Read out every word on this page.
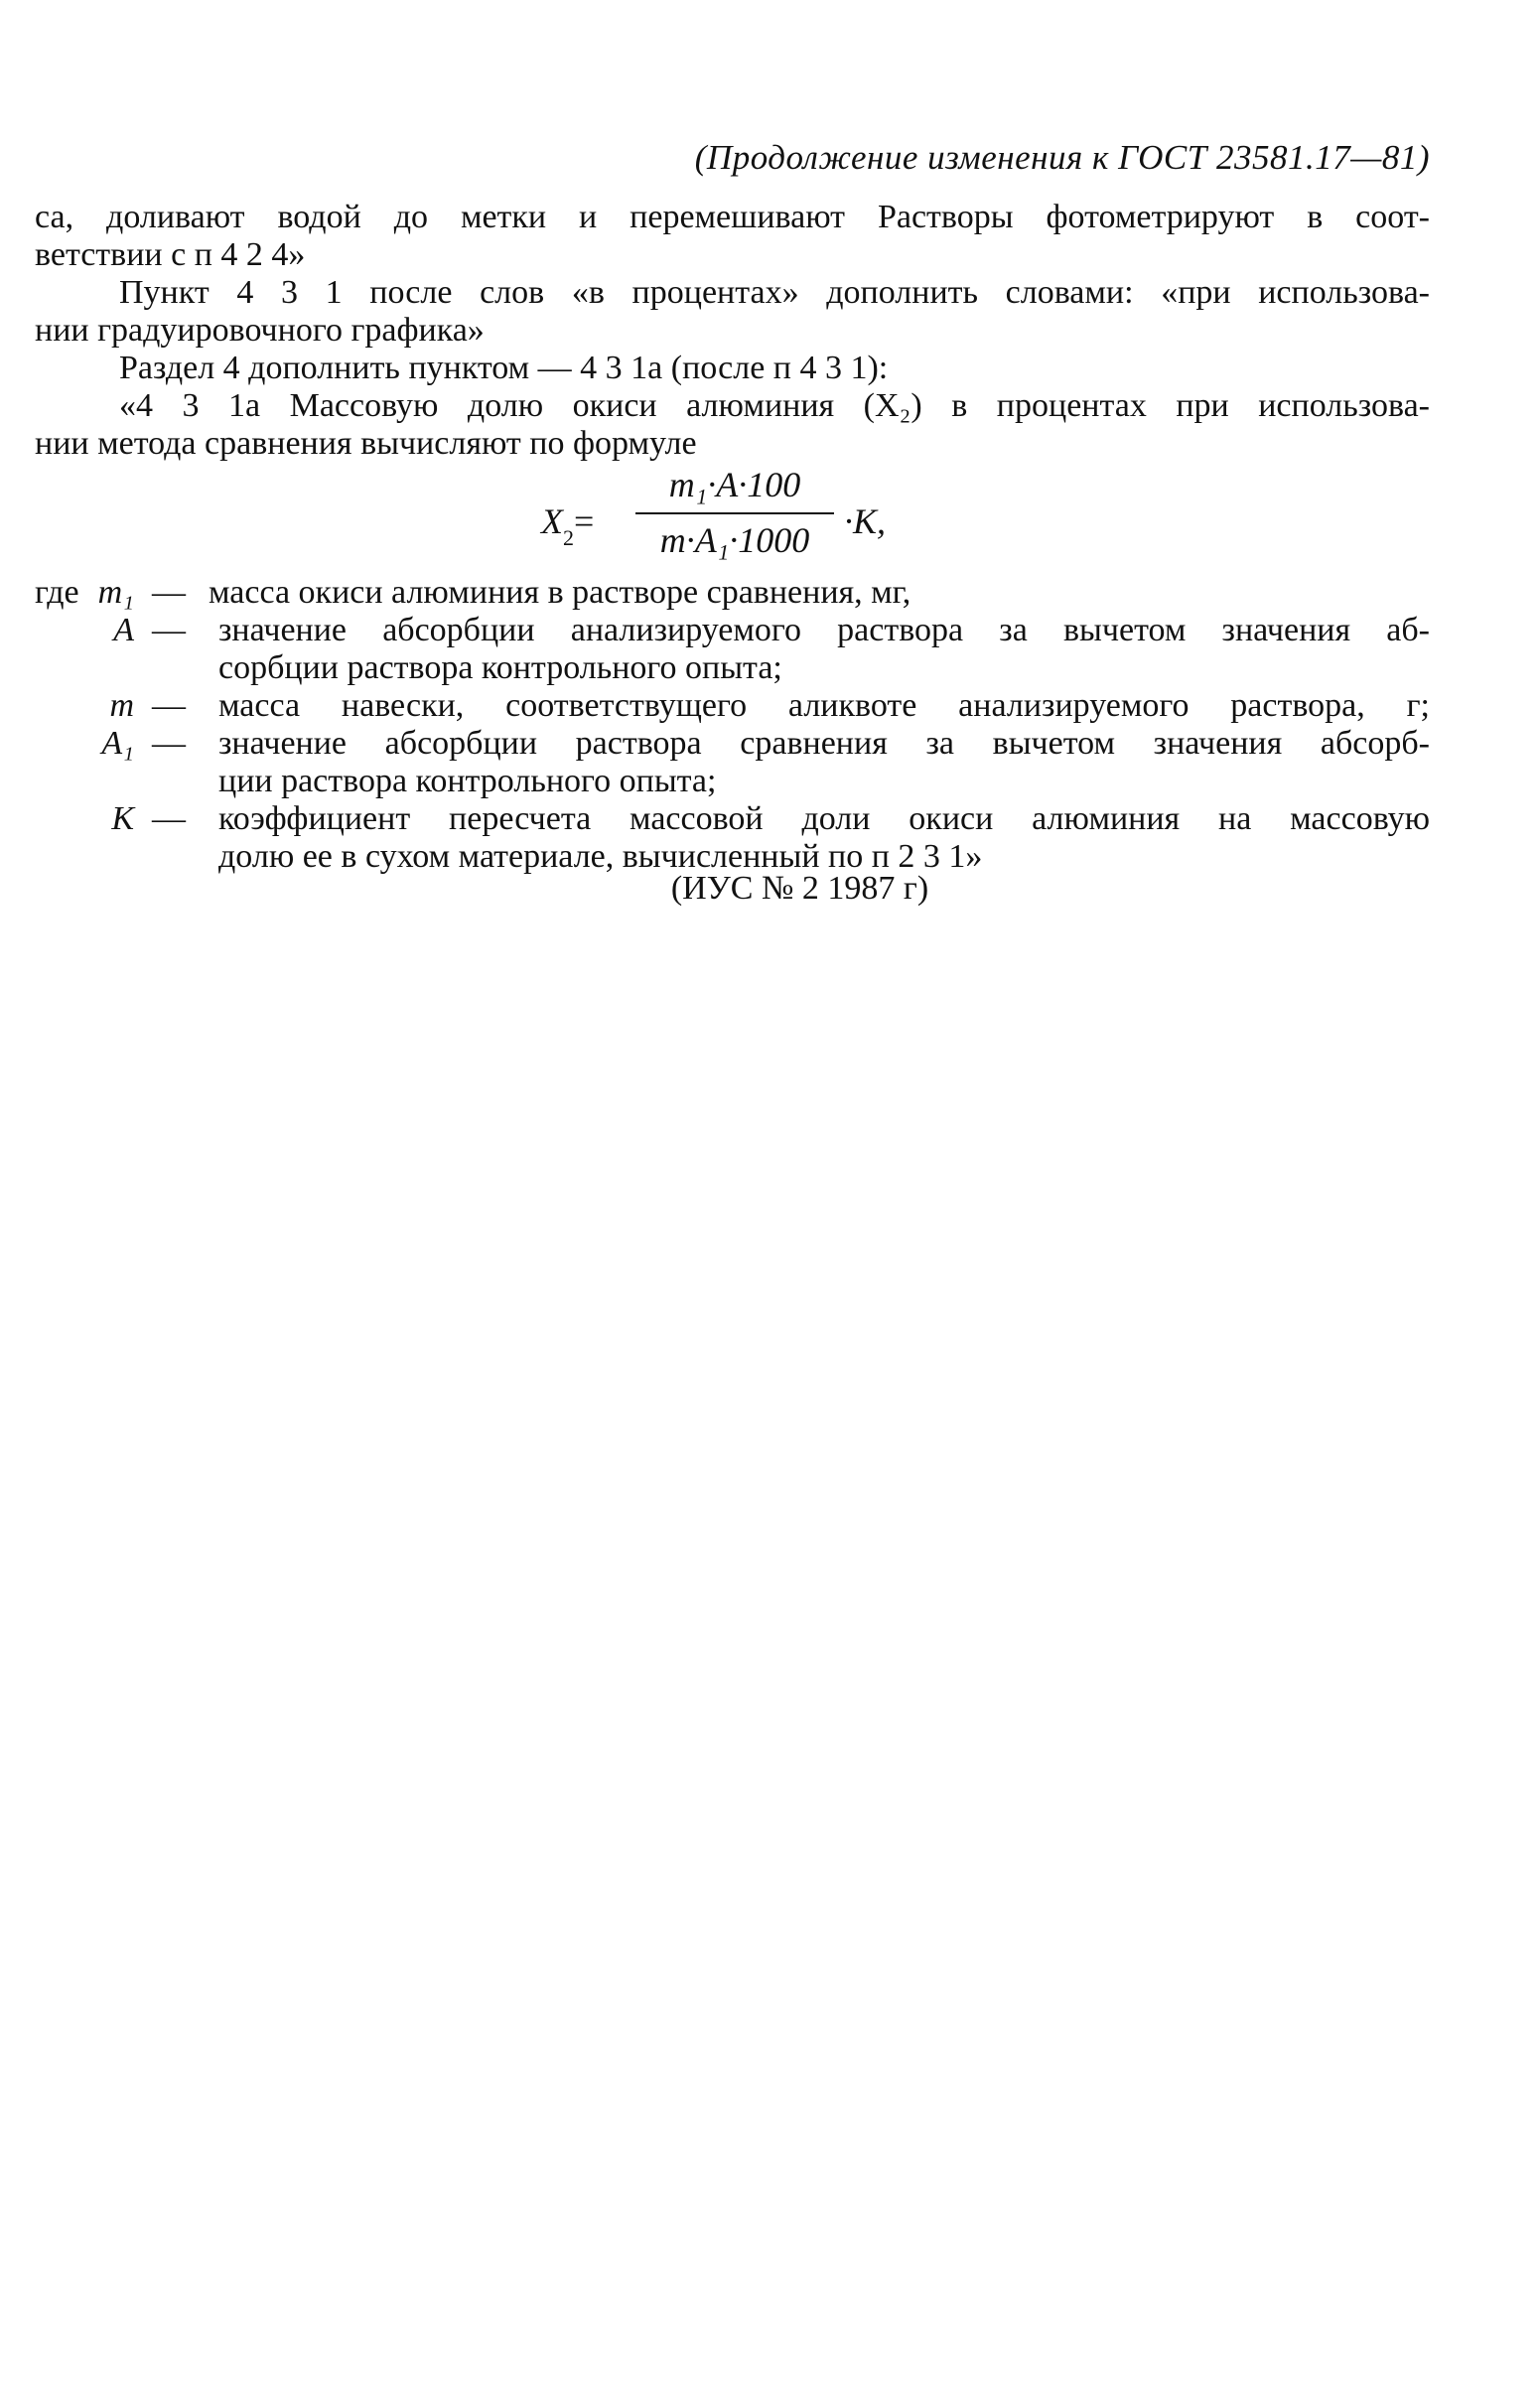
(Продолжение изменения к ГОСТ 23581.17—81)
са, доливают водой до метки и перемешивают Растворы фотометрируют в соот-
ветствии с п 4 2 4»
Пункт 4 3 1 после слов «в процентах» дополнить словами: «при использова-
нии градуировочного графика»
Раздел 4 дополнить пунктом — 4 3 1а (после п 4 3 1):
«4 3 1а Массовую долю окиси алюминия (X₂) в процентах при использова-
нии метода сравнения вычисляют по формуле
$X_2=$
m₁·A·100
m·A₁·1000 ·K,
где m₁ — масса окиси алюминия в растворе сравнения, мг,
A — значение абсорбции анализируемого раствора за вычетом значения аб-
сорбции раствора контрольного опыта;
m — масса навески, соответствущего аликвоте анализируемого раствора, г;
A₁ — значение абсорбции раствора сравнения за вычетом значения абсорб-
ции раствора контрольного опыта;
K — коэффициент пересчета массовой доли окиси алюминия на массовую
долю ее в сухом материале, вычисленный по п 2 3 1»
(ИУС № 2 1987 г)
